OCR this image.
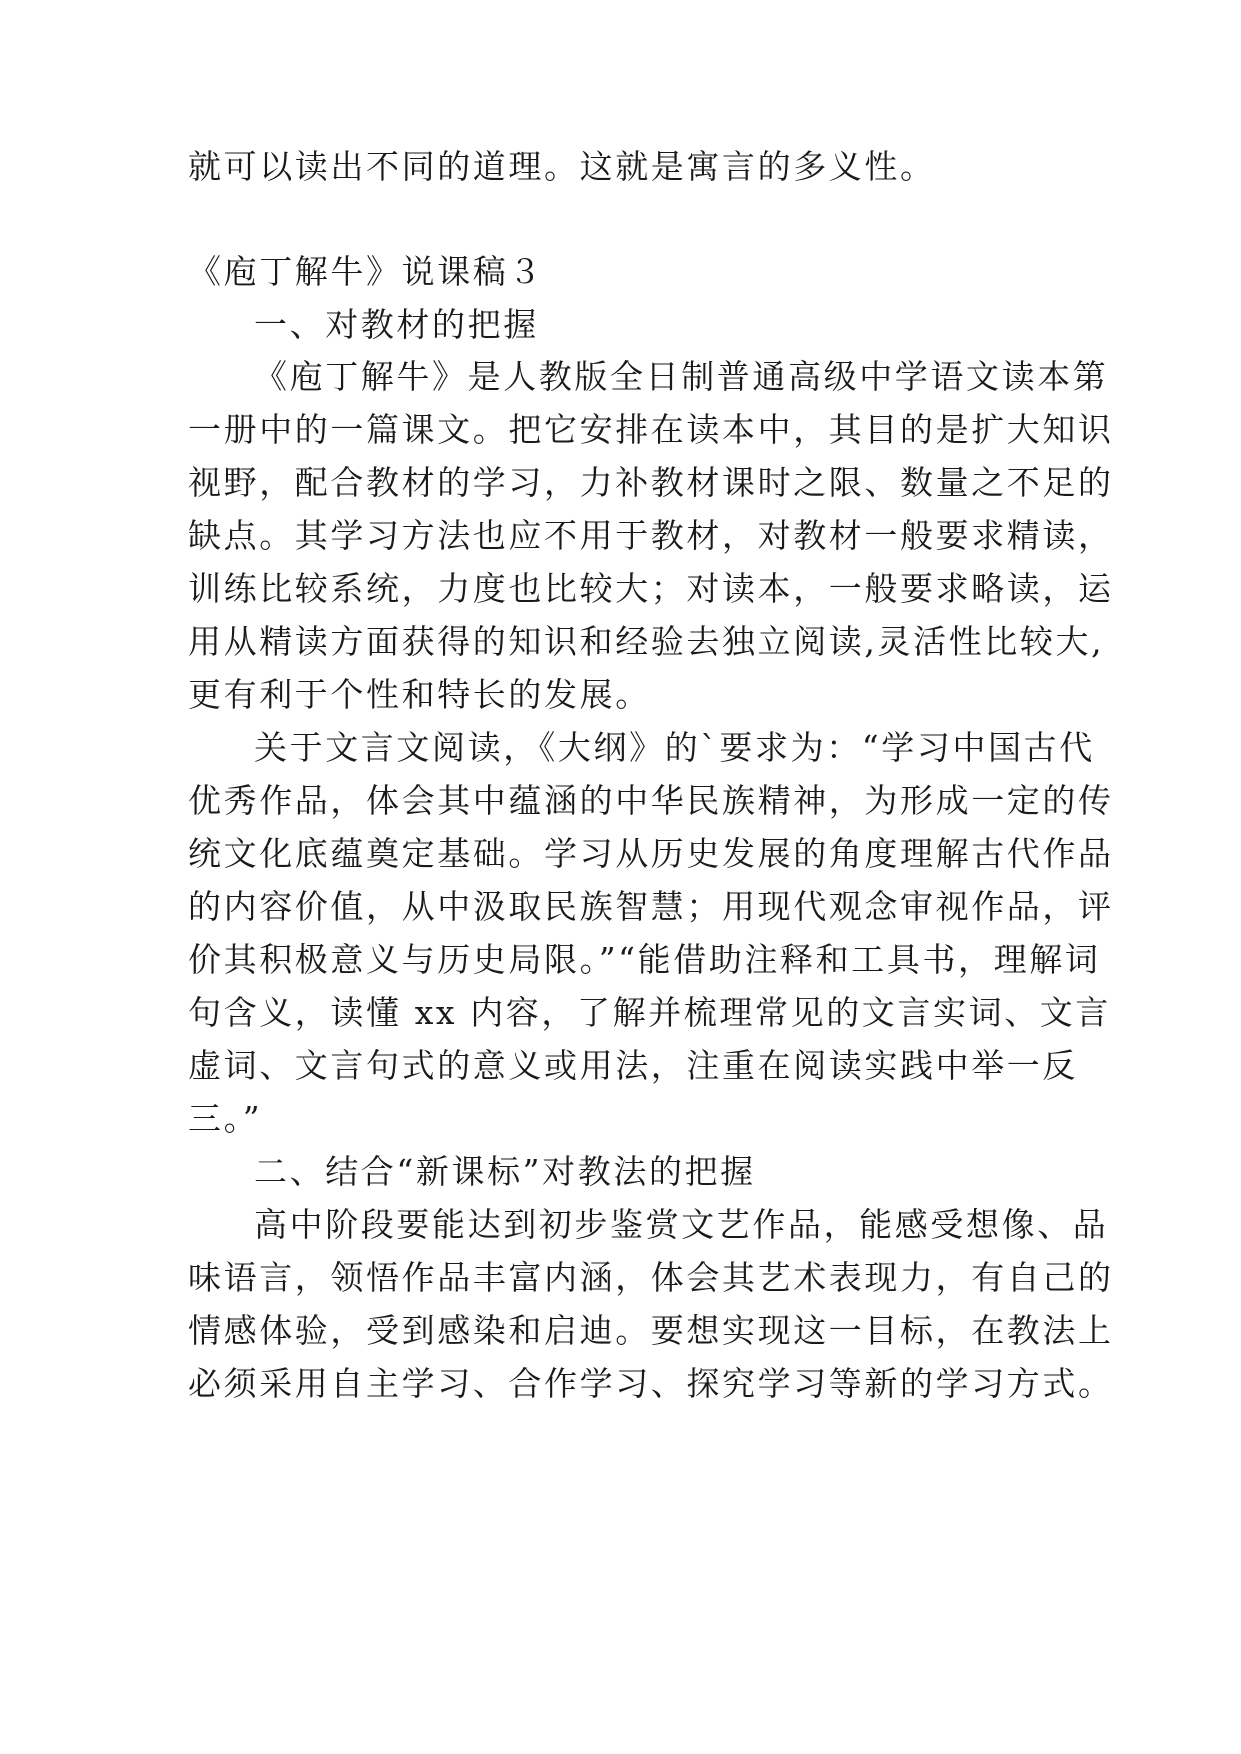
就可以读出不同的道理。这就是寓言的多义性。
《庖丁解牛》说课稿３
一、对教材的把握
《庖丁解牛》是人教版全日制普通高级中学语文读本第
一册中的一篇课文。把它安排在读本中，其目的是扩大知识
视野，配合教材的学习，力补教材课时之限、数量之不足的
缺点。其学习方法也应不用于教材，对教材一般要求精读，
训练比较系统，力度也比较大；对读本，一般要求略读，运
用从精读方面获得的知识和经验去独立阅读,灵活性比较大,
更有利于个性和特长的发展。
关于文言文阅读，《大纲》的`要求为：“学习中国古代
优秀作品，体会其中蕴涵的中华民族精神，为形成一定的传
统文化底蕴奠定基础。学习从历史发展的角度理解古代作品
的内容价值，从中汲取民族智慧；用现代观念审视作品，评
价其积极意义与历史局限。”“能借助注释和工具书，理解词
句含义，读懂 xx 内容，了解并梳理常见的文言实词、文言
虚词、文言句式的意义或用法，注重在阅读实践中举一反
三。”
二、结合“新课标”对教法的把握
高中阶段要能达到初步鉴赏文艺作品，能感受想像、品
味语言，领悟作品丰富内涵，体会其艺术表现力，有自己的
情感体验，受到感染和启迪。要想实现这一目标，在教法上
必须采用自主学习、合作学习、探究学习等新的学习方式。
